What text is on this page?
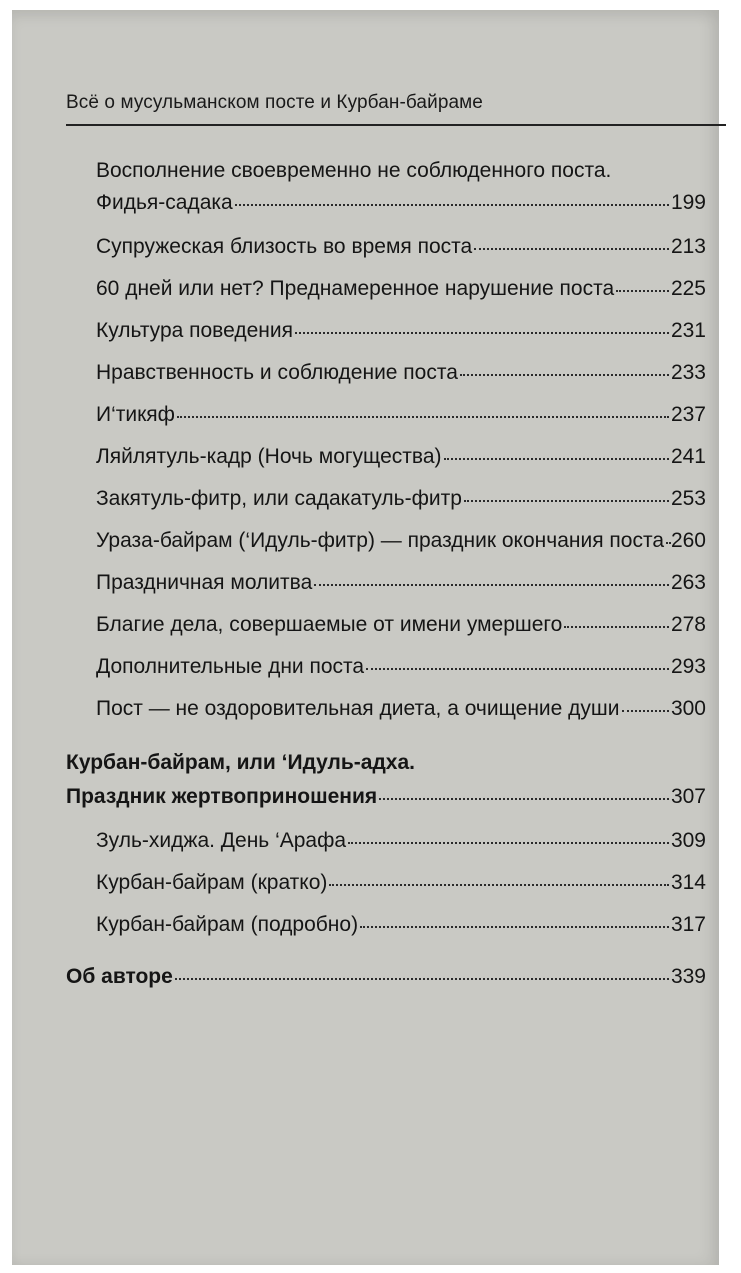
Всё о мусульманском посте и Курбан-байраме
Восполнение своевременно не соблюденного поста.
Фидья-садака	199
Супружеская близость во время поста	213
60 дней или нет? Преднамеренное нарушение поста	225
Культура поведения	231
Нравственность и соблюдение поста	233
И‘тикяф	237
Ляйлятуль-кадр (Ночь могущества)	241
Закятуль-фитр, или садакатуль-фитр	253
Ураза-байрам (‘Идуль-фитр) — праздник окончания поста 260
Праздничная молитва	263
Благие дела, совершаемые от имени умершего	278
Дополнительные дни поста	293
Пост — не оздоровительная диета, а очищение души 300
Курбан-байрам, или ‘Идуль-адха.
Праздник жертвоприношения	307
Зуль-хиджа. День ‘Арафа	309
Курбан-байрам (кратко)	314
Курбан-байрам (подробно)	317
Об авторе	339
